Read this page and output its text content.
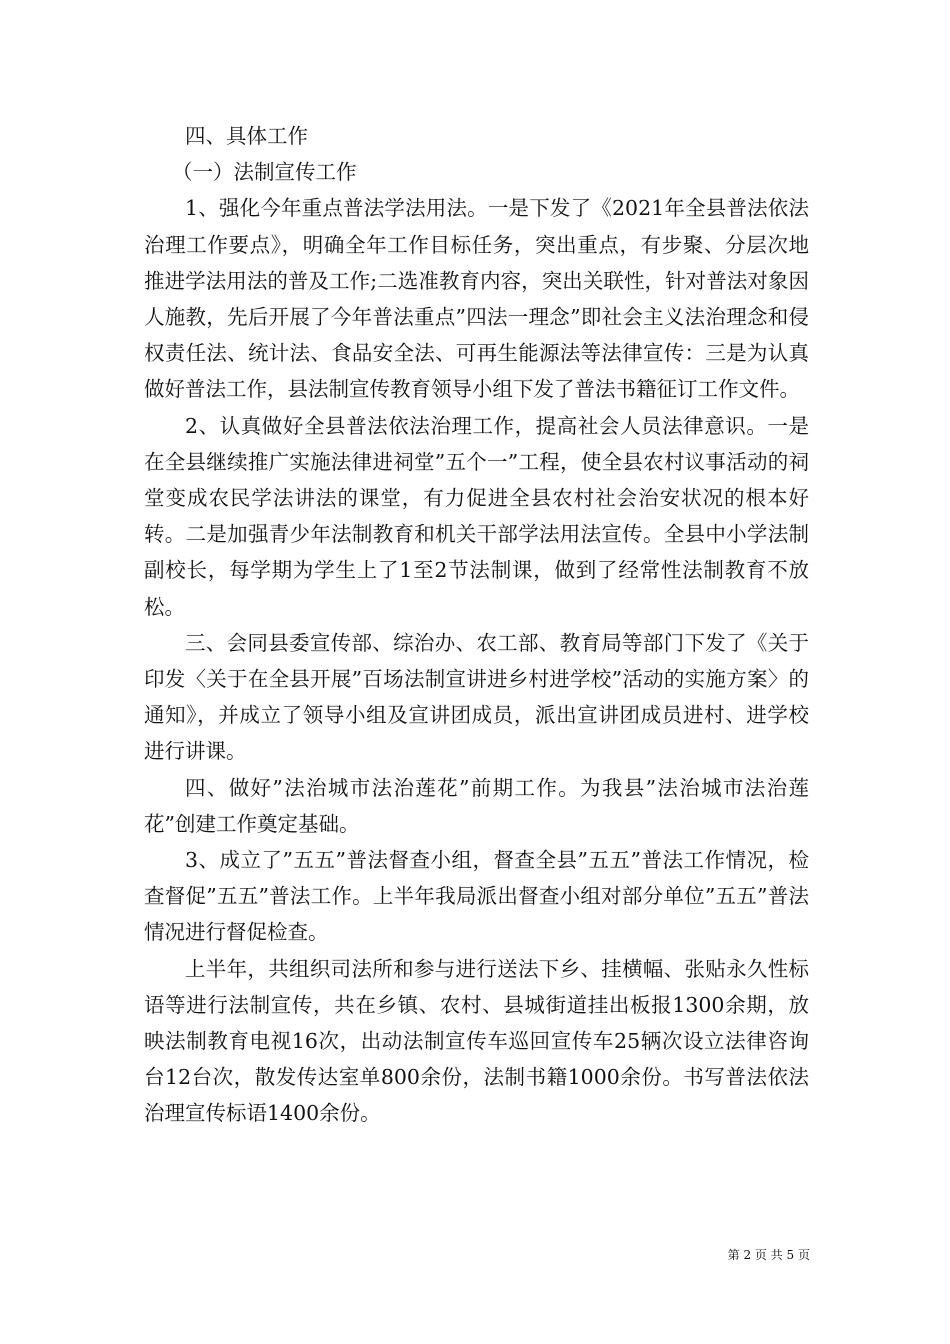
四、具体工作

（一）法制宣传工作

1、强化今年重点普法学法用法。一是下发了《2021年全县普法依法治理工作要点》，明确全年工作目标任务，突出重点，有步聚、分层次地推进学法用法的普及工作;二选准教育内容，突出关联性，针对普法对象因人施教，先后开展了今年普法重点”四法一理念”即社会主义法治理念和侵权责任法、统计法、食品安全法、可再生能源法等法律宣传：三是为认真做好普法工作，县法制宣传教育领导小组下发了普法书籍征订工作文件。

2、认真做好全县普法依法治理工作，提高社会人员法律意识。一是在全县继续推广实施法律进祠堂”五个一”工程，使全县农村议事活动的祠堂变成农民学法讲法的课堂，有力促进全县农村社会治安状况的根本好转。二是加强青少年法制教育和机关干部学法用法宣传。全县中小学法制副校长，每学期为学生上了1至2节法制课，做到了经常性法制教育不放松。

三、会同县委宣传部、综治办、农工部、教育局等部门下发了《关于印发〈关于在全县开展”百场法制宣讲进乡村进学校”活动的实施方案〉的通知》，并成立了领导小组及宣讲团成员，派出宣讲团成员进村、进学校进行讲课。

四、做好”法治城市法治莲花”前期工作。为我县”法治城市法治莲花”创建工作奠定基础。

3、成立了”五五”普法督查小组，督查全县”五五”普法工作情况，检查督促”五五”普法工作。上半年我局派出督查小组对部分单位”五五”普法情况进行督促检查。

上半年，共组织司法所和参与进行送法下乡、挂横幅、张贴永久性标语等进行法制宣传，共在乡镇、农村、县城街道挂出板报1300余期，放映法制教育电视16次，出动法制宣传车巡回宣传车25辆次设立法律咨询台12台次，散发传达室单800余份，法制书籍1000余份。书写普法依法治理宣传标语1400余份。

第 2 页 共 5 页
